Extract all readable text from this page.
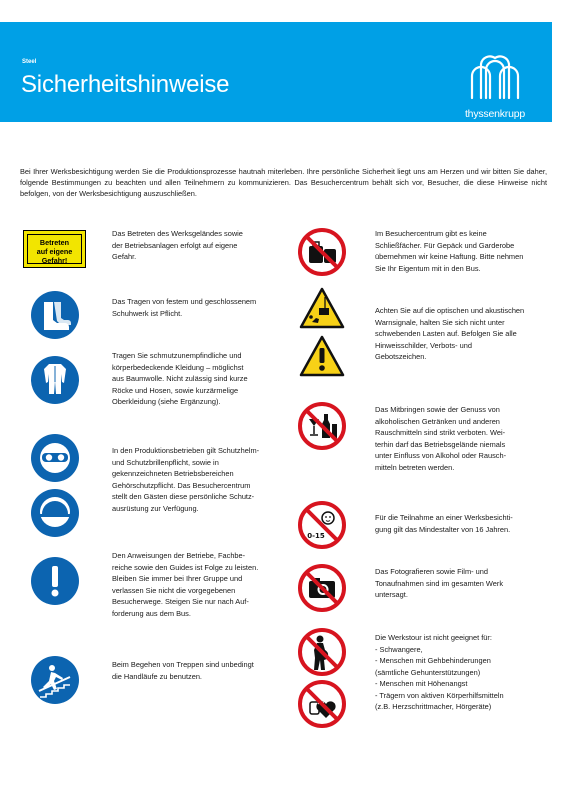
Steel
Sicherheitshinweise
thyssenkrupp
Bei Ihrer Werksbesichtigung werden Sie die Produktionsprozesse hautnah miterleben. Ihre persönliche Sicherheit liegt uns am Herzen und wir bitten Sie daher, folgende Bestimmungen zu beachten und allen Teilnehmern zu kommunizieren. Das Besuchercentrum behält sich vor, Besucher, die diese Hinweise nicht befolgen, von der Werksbesichtigung auszuschließen.
Betreten
auf eigene
Gefahr!
Das Betreten des Werksgeländes sowie
der Betriebsanlagen erfolgt auf eigene
Gefahr.
Das Tragen von festem und geschlossenem
Schuhwerk ist Pflicht.
Tragen Sie schmutzunempfindliche und
körperbedeckende Kleidung – möglichst
aus Baumwolle. Nicht zulässig sind kurze
Röcke und Hosen, sowie kurzärmelige
Oberkleidung (siehe Ergänzung).
In den Produktionsbetrieben gilt Schutzhelm-
und Schutzbrillenpflicht, sowie in
gekennzeichneten Betriebsbereichen
Gehörschutzpflicht. Das Besuchercentrum
stellt den Gästen diese persönliche Schutz-
ausrüstung zur Verfügung.
Den Anweisungen der Betriebe, Fachbe-
reiche sowie den Guides ist Folge zu leisten.
Bleiben Sie immer bei Ihrer Gruppe und
verlassen Sie nicht die vorgegebenen
Besucherwege. Steigen Sie nur nach Auf-
forderung aus dem Bus.
Beim Begehen von Treppen sind unbedingt
die Handläufe zu benutzen.
Im Besuchercentrum gibt es keine
Schließfächer. Für Gepäck und Garderobe
übernehmen wir keine Haftung. Bitte nehmen
Sie Ihr Eigentum mit in den Bus.
Achten Sie auf die optischen und akustischen
Warnsignale, halten Sie sich nicht unter
schwebenden Lasten auf. Befolgen Sie alle
Hinweisschilder, Verbots- und
Gebotszeichen.
Das Mitbringen sowie der Genuss von
alkoholischen Getränken und anderen
Rauschmitteln sind strikt verboten. Wei-
terhin darf das Betriebsgelände niemals
unter Einfluss von Alkohol oder Rausch-
mitteln betreten werden.
0-15
Für die Teilnahme an einer Werksbesichti-
gung gilt das Mindestalter von 16 Jahren.
Das Fotografieren sowie Film- und
Tonaufnahmen sind im gesamten Werk
untersagt.
Die Werkstour ist nicht geeignet für:
- Schwangere,
- Menschen mit Gehbehinderungen
(sämtliche Gehunterstützungen)
- Menschen mit Höhenangst
- Trägern von aktiven Körperhilfsmitteln
(z.B. Herzschrittmacher, Hörgeräte)
